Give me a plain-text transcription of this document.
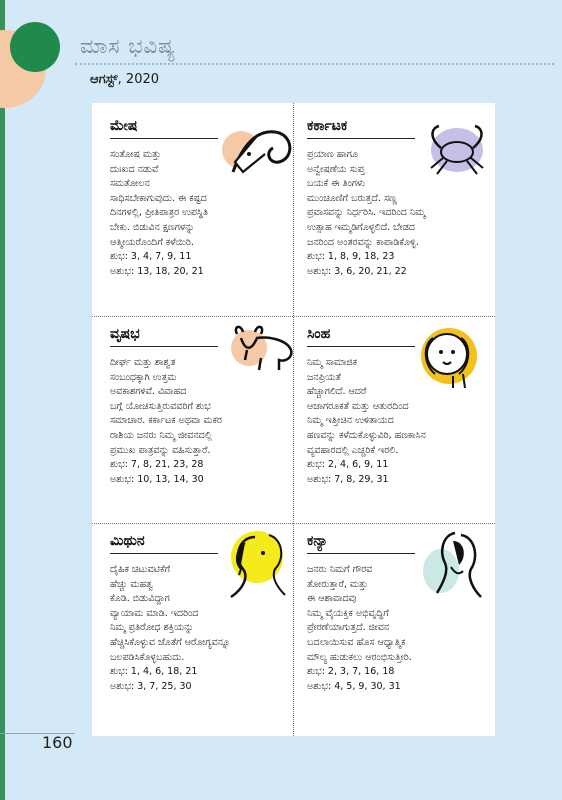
ಮಾಸ ಭವಿಷ್ಯ
ಆಗಸ್ಟ್, 2020
ಮೇಷ
ಸಂತೋಷ ಮತ್ತು
ದುಃಖದ ನಡುವೆ
ಸಮತೋಲನ
ಸಾಧಿಸಬೇಕಾಗುವುದು. ಈ ಕಷ್ಟದ
ದಿನಗಳಲ್ಲಿ, ಪ್ರೀತಿಪಾತ್ರರ ಉಪಸ್ಥಿತಿ
ಬೇಕು. ಬಿಡುವಿನ ಕ್ಷಣಗಳನ್ನು
ಆತ್ಮೀಯರೊಂದಿಗೆ ಕಳೆಯಿರಿ.
ಶುಭ: 3, 4, 7, 9, 11
ಅಶುಭ: 13, 18, 20, 21
ಕರ್ಕಾಟಕ
ಪ್ರಯಾಣ ಹಾಗೂ
ಅನ್ವೇಷಣೆಯ ಸುಪ್ತ
ಬಯಕೆ ಈ ತಿಂಗಳು
ಮುಂಚೂಣಿಗೆ ಬರುತ್ತದೆ. ಸಣ್ಣ
ಪ್ರವಾಸವನ್ನು ನಿರ್ಧರಿಸಿ. ಇದರಿಂದ ನಿಮ್ಮ
ಉತ್ಸಾಹ ಇಮ್ಮಡಿಗೊಳ್ಳಲಿದೆ. ಬೇಡದ
ಜನರಿಂದ ಅಂತರವನ್ನು ಕಾಪಾಡಿಕೊಳ್ಳಿ.
ಶುಭ: 1, 8, 9, 18, 23
ಅಶುಭ: 3, 6, 20, 21, 22
ವೃಷಭ
ದೀರ್ಘ ಮತ್ತು ಶಾಶ್ವತ
ಸಂಬಂಧಕ್ಕಾಗಿ ಉತ್ತಮ
ಅವಕಾಶಗಳಿವೆ. ವಿವಾಹದ
ಬಗ್ಗೆ ಯೋಚಿಸುತ್ತಿರುವವರಿಗೆ ಶುಭ
ಸಮಾಚಾರ. ಕರ್ಕಾಟಕ ಅಥವಾ ಮಕರ
ರಾಶಿಯ ಜನರು ನಿಮ್ಮ ಜೀವನದಲ್ಲಿ
ಪ್ರಮುಖ ಪಾತ್ರವನ್ನು ವಹಿಸುತ್ತಾರೆ.
ಶುಭ: 7, 8, 21, 23, 28
ಅಶುಭ: 10, 13, 14, 30
ಸಿಂಹ
ನಿಮ್ಮ ಸಾಮಾಜಿಕ
ಜನಪ್ರಿಯತೆ
ಹೆಚ್ಚಾಗಲಿದೆ. ಆದರೆ
ಆಜಾಗರೂಕತೆ ಮತ್ತು ಆತುರದಿಂದ
ನಿಮ್ಮ ಇತ್ತೀಚಿನ ಉಳಿತಾಯದ
ಹಣವನ್ನು ಕಳೆದುಕೊಳ್ಳುವಿರಿ, ಹಣಕಾಸಿನ
ವ್ಯವಹಾರದಲ್ಲಿ ಎಚ್ಚರಿಕೆ ಇರಲಿ.
ಶುಭ: 2, 4, 6, 9, 11
ಅಶುಭ: 7, 8, 29, 31
ಮಿಥುನ
ದೈಹಿಕ ಚಟುವಟಿಕೆಗೆ
ಹೆಚ್ಚು ಮಹತ್ವ
ಕೊಡಿ. ಬಿಡುವಿದ್ದಾಗ
ವ್ಯಾಯಾಮ ಮಾಡಿ. ಇದರಿಂದ
ನಿಮ್ಮ ಪ್ರತಿರೋಧ ಶಕ್ತಿಯನ್ನು
ಹೆಚ್ಚಿಸಿಕೊಳ್ಳುವ ಜೊತೆಗೆ ಆರೋಗ್ಯವನ್ನೂ
ಬಲಪಡಿಸಿಕೊಳ್ಳಬಹುದು.
ಶುಭ: 1, 4, 6, 18, 21
ಅಶುಭ: 3, 7, 25, 30
ಕನ್ಯಾ
ಜನರು ನಿಮಗೆ ಗೌರವ
ತೋರುತ್ತಾರೆ, ಮತ್ತು
ಈ ಆಶಾವಾದವು
ನಿಮ್ಮ ವೈಯಕ್ತಿಕ ಅಭಿವೃದ್ಧಿಗೆ
ಪ್ರೇರಣೆಯಾಗುತ್ತದೆ. ಜೀವನ
ಬದಲಾಯಿಸುವ ಹೊಸ ಆಧ್ಯಾತ್ಮಿಕ
ಮೌಲ್ಯ ಹುಡುಕಲು ಆರಂಭಿಸುತ್ತೀರಿ.
ಶುಭ: 2, 3, 7, 16, 18
ಅಶುಭ: 4, 5, 9, 30, 31
160
